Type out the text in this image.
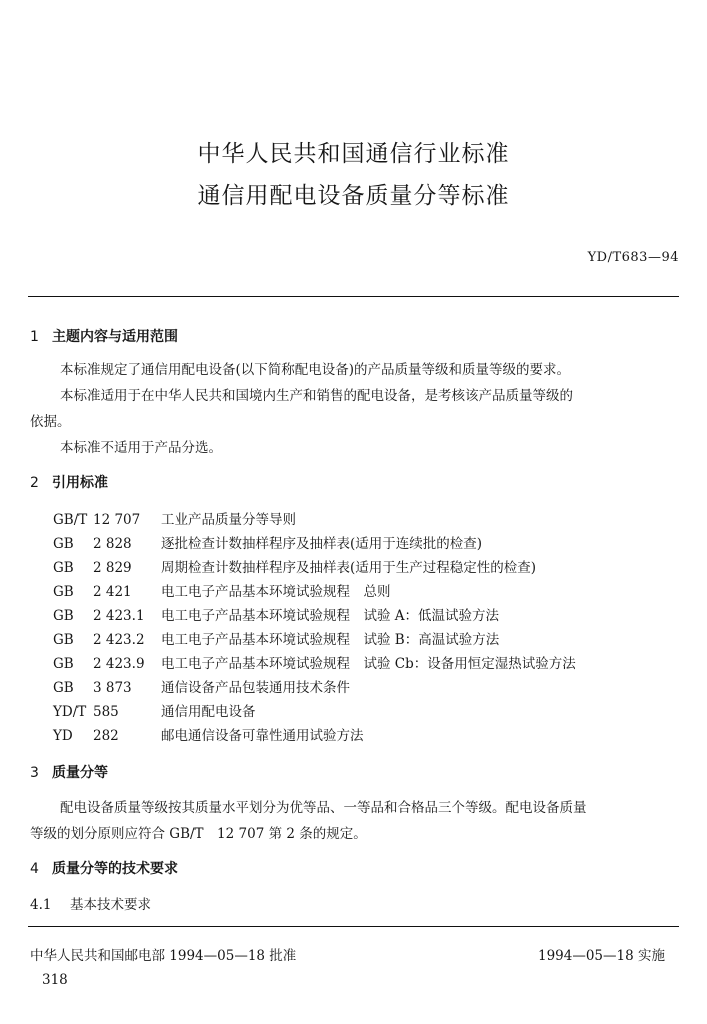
中华人民共和国通信行业标准
通信用配电设备质量分等标准
YD/T683—94
1 主题内容与适用范围
本标准规定了通信用配电设备(以下简称配电设备)的产品质量等级和质量等级的要求。
本标准适用于在中华人民共和国境内生产和销售的配电设备，是考核该产品质量等级的
依据。
本标准不适用于产品分选。
2 引用标准
GB/T 12 707 工业产品质量分等导则
GB 2 828 逐批检查计数抽样程序及抽样表(适用于连续批的检查)
GB 2 829 周期检查计数抽样程序及抽样表(适用于生产过程稳定性的检查)
GB 2 421 电工电子产品基本环境试验规程　总则
GB 2 423.1 电工电子产品基本环境试验规程　试验 A：低温试验方法
GB 2 423.2 电工电子产品基本环境试验规程　试验 B：高温试验方法
GB 2 423.9 电工电子产品基本环境试验规程　试验 Cb：设备用恒定湿热试验方法
GB 3 873 通信设备产品包装通用技术条件
YD/T 585	通信用配电设备
YD 282	邮电通信设备可靠性通用试验方法
3 质量分等
配电设备质量等级按其质量水平划分为优等品、一等品和合格品三个等级。配电设备质量
等级的划分原则应符合 GB/T　12 707 第 2 条的规定。
4 质量分等的技术要求
4.1 基本技术要求
中华人民共和国邮电部 1994—05—18 批准	1994—05—18 实施
318
